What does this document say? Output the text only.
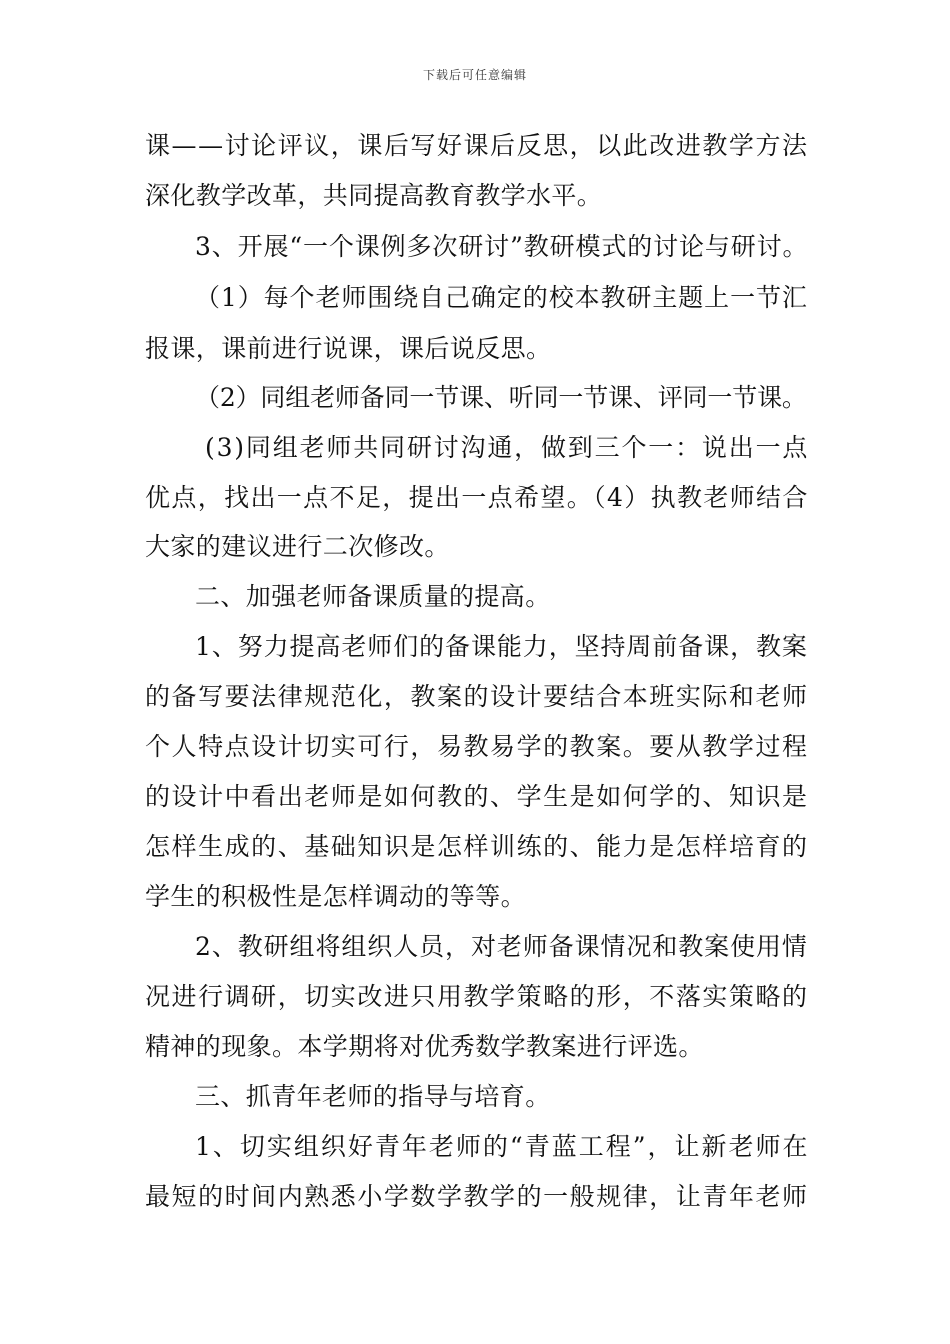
下载后可任意编辑
课——讨论评议，课后写好课后反思，以此改进教学方法
深化教学改革，共同提高教育教学水平。
3、开展“一个课例多次研讨”教研模式的讨论与研讨。
（1）每个老师围绕自己确定的校本教研主题上一节汇
报课，课前进行说课，课后说反思。
（2）同组老师备同一节课、听同一节课、评同一节课。
(3)同组老师共同研讨沟通，做到三个一：说出一点
优点，找出一点不足，提出一点希望。（4）执教老师结合
大家的建议进行二次修改。
二、加强老师备课质量的提高。
1、努力提高老师们的备课能力，坚持周前备课，教案
的备写要法律规范化，教案的设计要结合本班实际和老师
个人特点设计切实可行，易教易学的教案。要从教学过程
的设计中看出老师是如何教的、学生是如何学的、知识是
怎样生成的、基础知识是怎样训练的、能力是怎样培育的
学生的积极性是怎样调动的等等。
2、教研组将组织人员，对老师备课情况和教案使用情
况进行调研，切实改进只用教学策略的形，不落实策略的
精神的现象。本学期将对优秀数学教案进行评选。
三、抓青年老师的指导与培育。
1、切实组织好青年老师的“青蓝工程”，让新老师在
最短的时间内熟悉小学数学教学的一般规律，让青年老师
